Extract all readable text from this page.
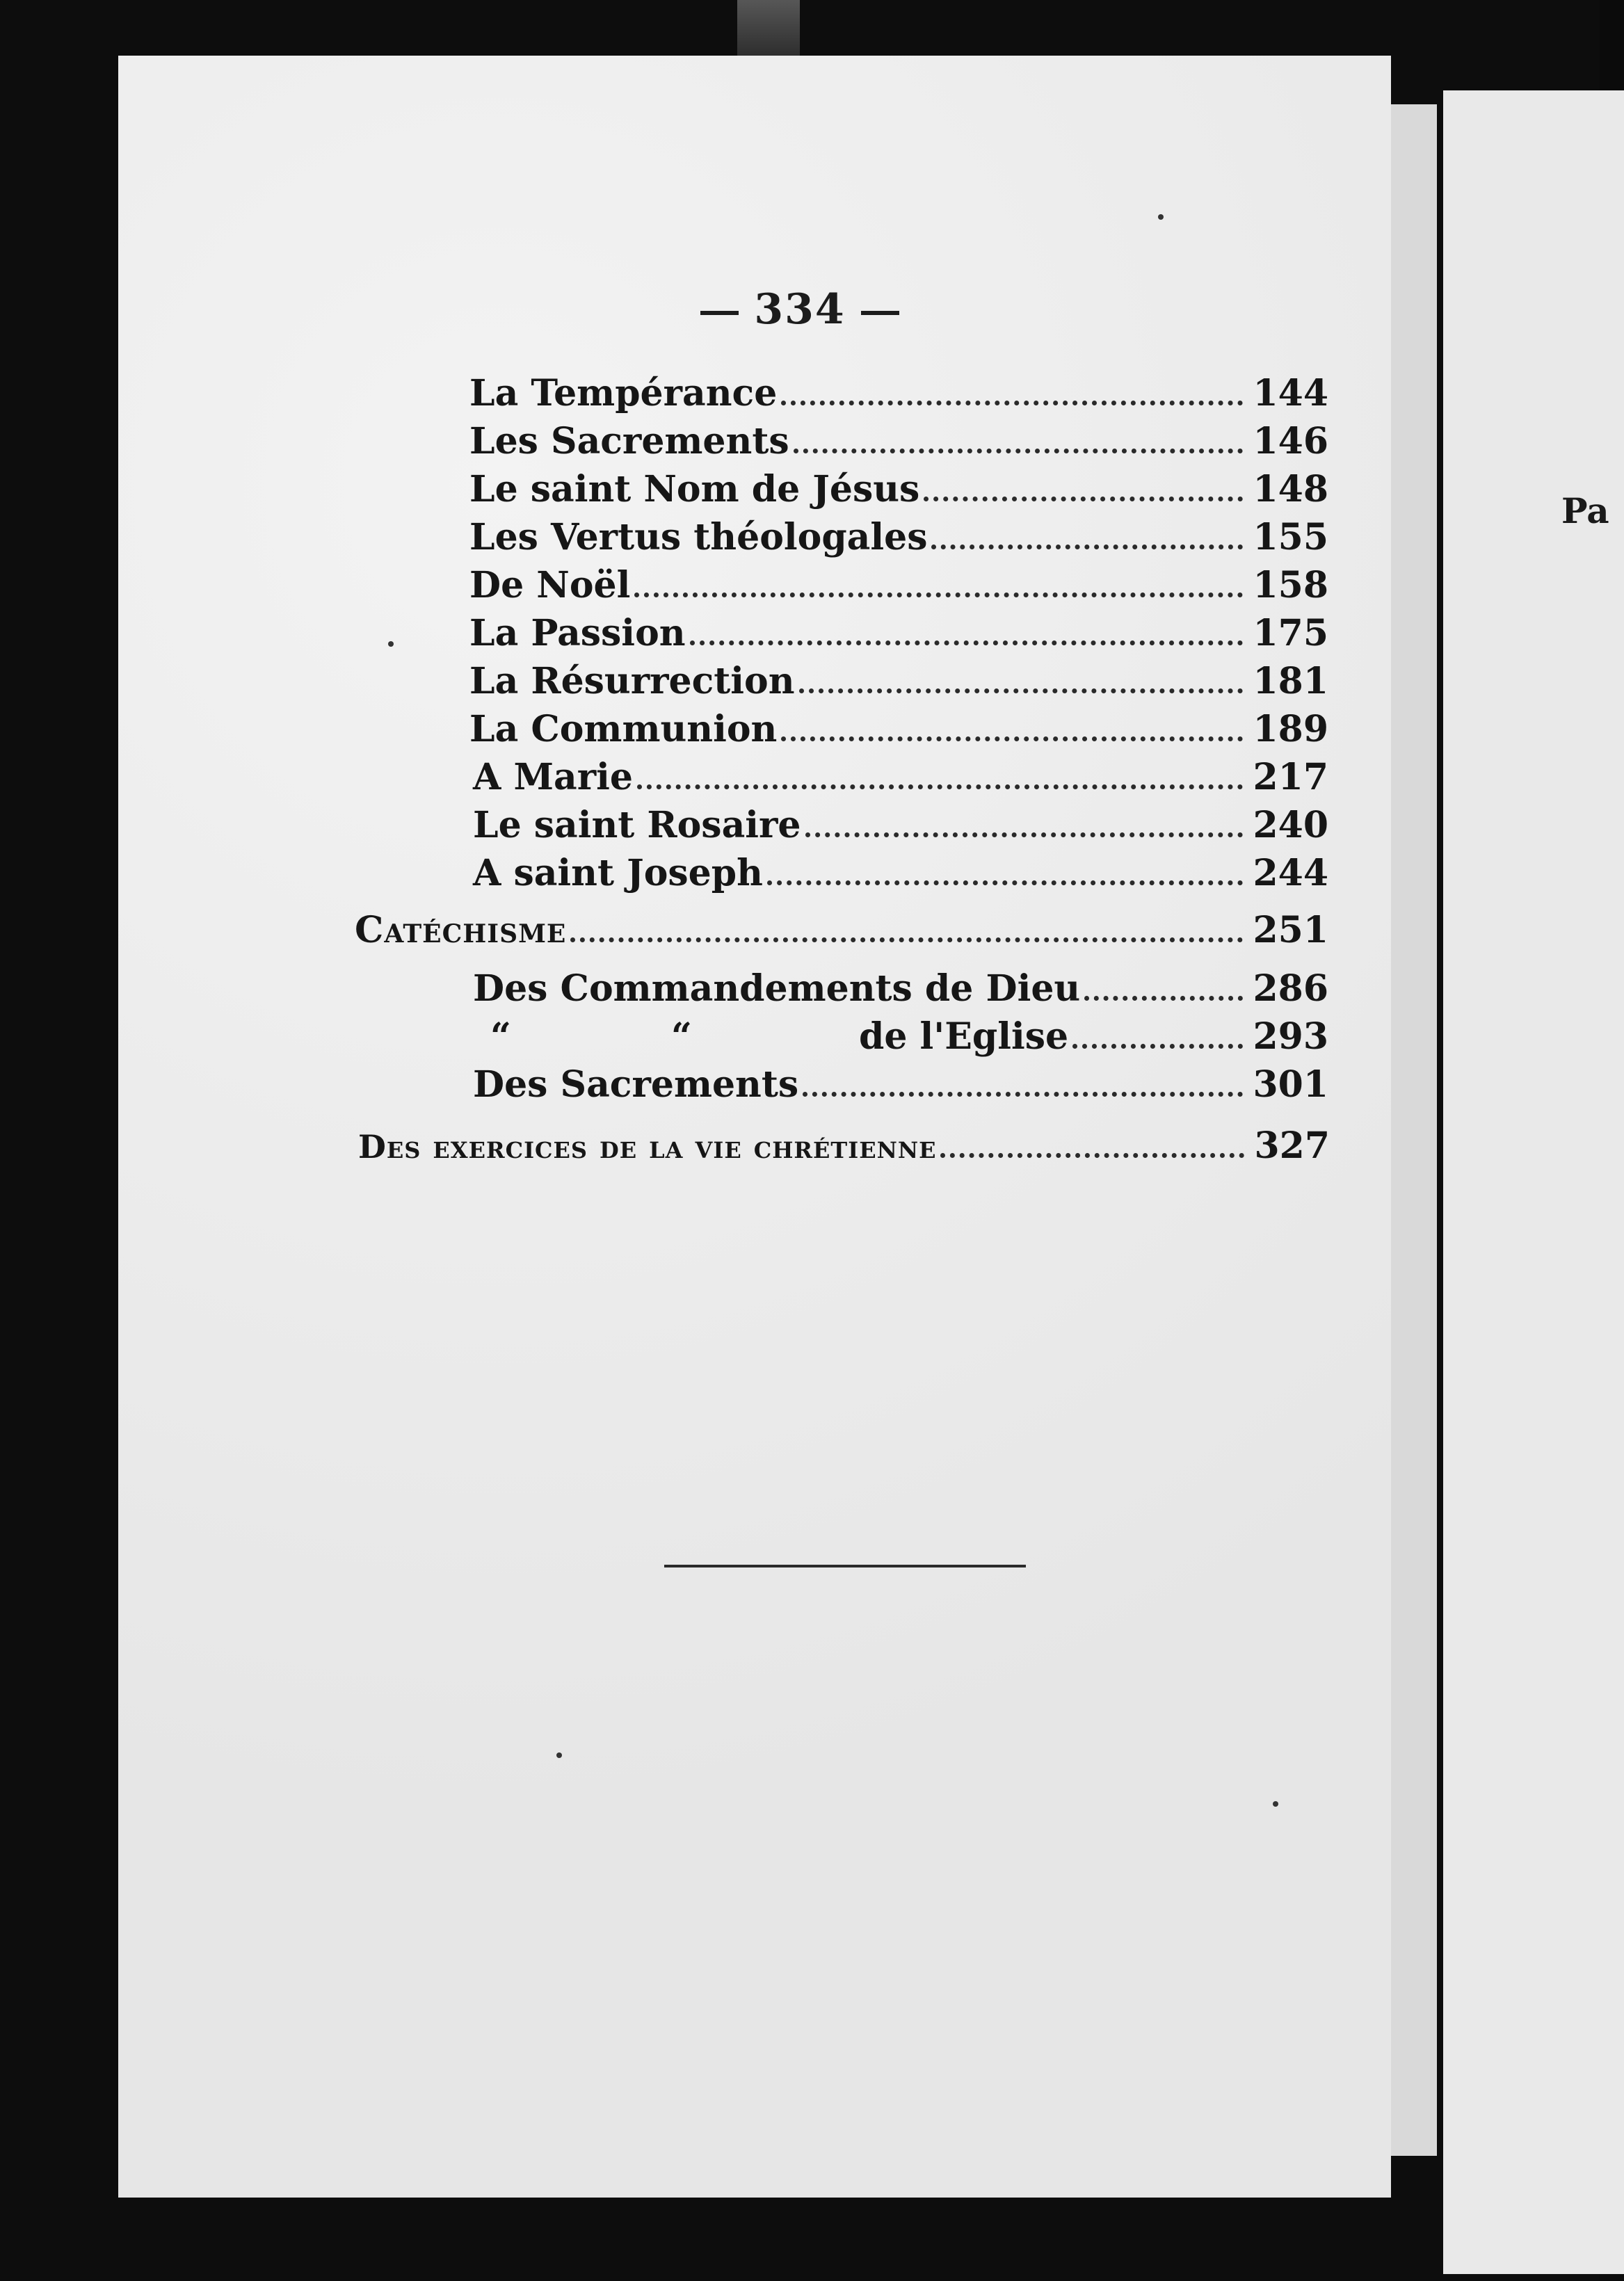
Pa
334
La Tempérance	144
Les Sacrements	146
Le saint Nom de Jésus	148
Les Vertus théologales	155
De Noël	158
La Passion	175
La Résurrection	181
La Communion	189
A Marie	217
Le saint Rosaire	240
A saint Joseph	244
Catéchisme	251
Des Commandements de Dieu	286
“	“	de l'Eglise	293
Des Sacrements	301
Des exercices de la vie chrétienne	327
